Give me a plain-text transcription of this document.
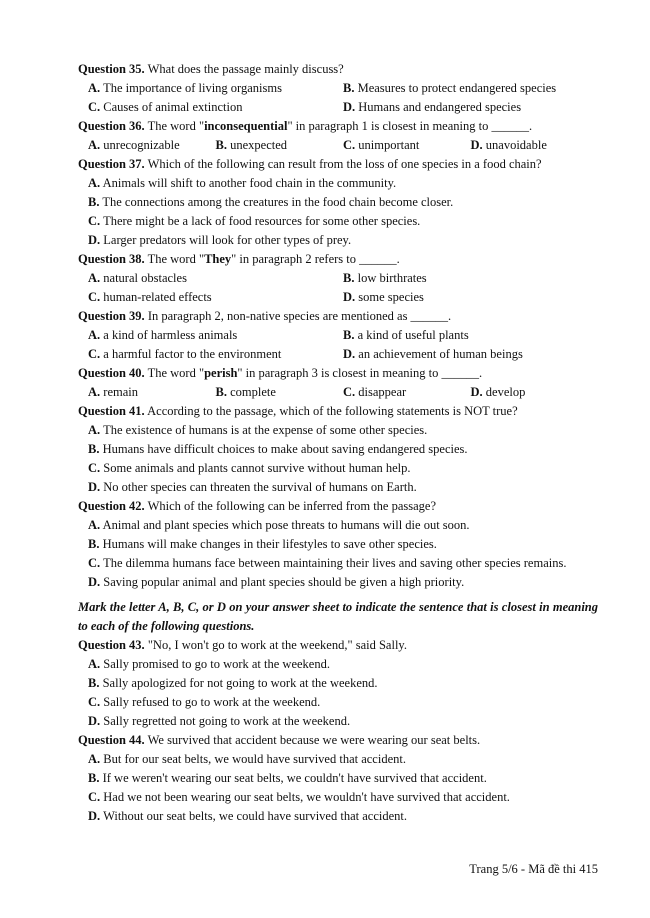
Question 35. What does the passage mainly discuss?
A. The importance of living organisms	B. Measures to protect endangered species
C. Causes of animal extinction	D. Humans and endangered species
Question 36. The word "inconsequential" in paragraph 1 is closest in meaning to ______.
A. unrecognizable	B. unexpected	C. unimportant	D. unavoidable
Question 37. Which of the following can result from the loss of one species in a food chain?
A. Animals will shift to another food chain in the community.
B. The connections among the creatures in the food chain become closer.
C. There might be a lack of food resources for some other species.
D. Larger predators will look for other types of prey.
Question 38. The word "They" in paragraph 2 refers to ______.
A. natural obstacles	B. low birthrates
C. human-related effects	D. some species
Question 39. In paragraph 2, non-native species are mentioned as ______.
A. a kind of harmless animals	B. a kind of useful plants
C. a harmful factor to the environment	D. an achievement of human beings
Question 40. The word "perish" in paragraph 3 is closest in meaning to ______.
A. remain	B. complete	C. disappear	D. develop
Question 41. According to the passage, which of the following statements is NOT true?
A. The existence of humans is at the expense of some other species.
B. Humans have difficult choices to make about saving endangered species.
C. Some animals and plants cannot survive without human help.
D. No other species can threaten the survival of humans on Earth.
Question 42. Which of the following can be inferred from the passage?
A. Animal and plant species which pose threats to humans will die out soon.
B. Humans will make changes in their lifestyles to save other species.
C. The dilemma humans face between maintaining their lives and saving other species remains.
D. Saving popular animal and plant species should be given a high priority.
Mark the letter A, B, C, or D on your answer sheet to indicate the sentence that is closest in meaning to each of the following questions.
Question 43. "No, I won't go to work at the weekend," said Sally.
A. Sally promised to go to work at the weekend.
B. Sally apologized for not going to work at the weekend.
C. Sally refused to go to work at the weekend.
D. Sally regretted not going to work at the weekend.
Question 44. We survived that accident because we were wearing our seat belts.
A. But for our seat belts, we would have survived that accident.
B. If we weren't wearing our seat belts, we couldn't have survived that accident.
C. Had we not been wearing our seat belts, we wouldn't have survived that accident.
D. Without our seat belts, we could have survived that accident.
Trang 5/6 - Mã đề thi 415
